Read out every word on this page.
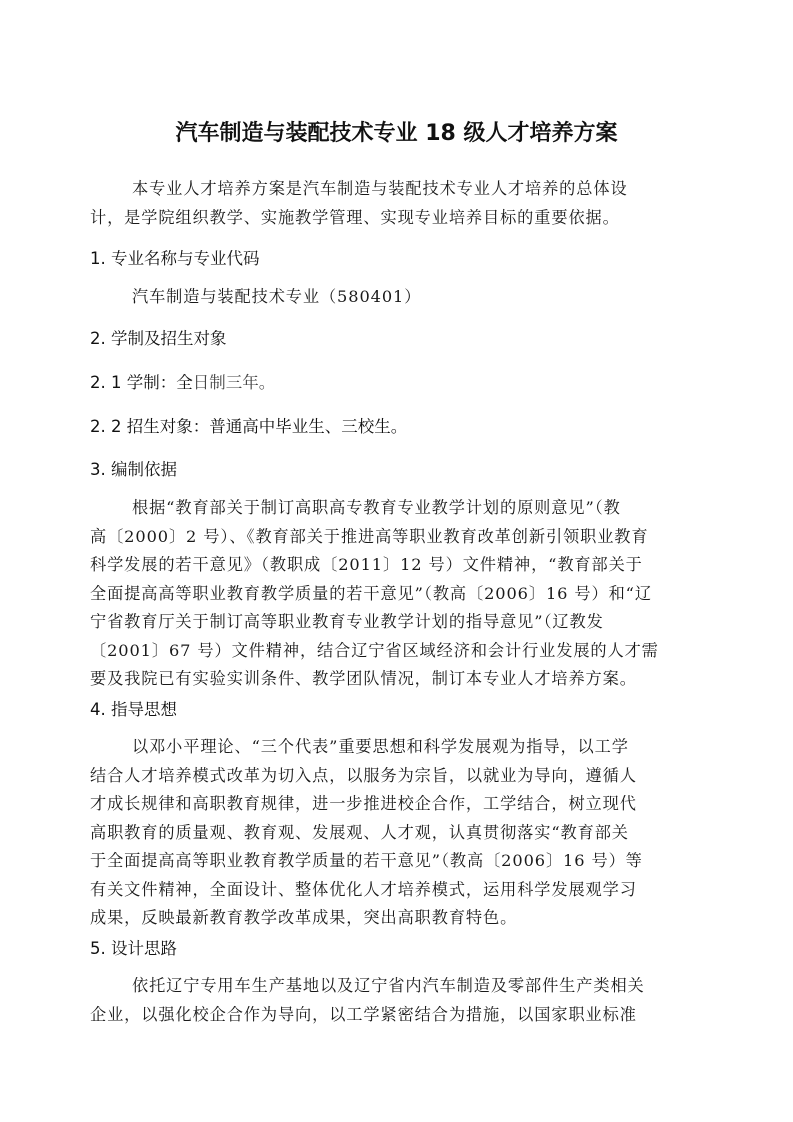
汽车制造与装配技术专业 18 级人才培养方案
本专业人才培养方案是汽车制造与装配技术专业人才培养的总体设
计，是学院组织教学、实施教学管理、实现专业培养目标的重要依据。
1. 专业名称与专业代码
汽车制造与装配技术专业（580401）
2. 学制及招生对象
2. 1 学制：全日制三年。
2. 2 招生对象：普通高中毕业生、三校生。
3. 编制依据
根据“教育部关于制订高职高专教育专业教学计划的原则意见”（教
高〔2000〕2 号）、《教育部关于推进高等职业教育改革创新引领职业教育
科学发展的若干意见》（教职成〔2011〕12 号）文件精神，“教育部关于
全面提高高等职业教育教学质量的若干意见”（教高〔2006〕16 号）和“辽
宁省教育厅关于制订高等职业教育专业教学计划的指导意见”（辽教发
〔2001〕67 号）文件精神，结合辽宁省区域经济和会计行业发展的人才需
要及我院已有实验实训条件、教学团队情况，制订本专业人才培养方案。
4. 指导思想
以邓小平理论、“三个代表”重要思想和科学发展观为指导，以工学
结合人才培养模式改革为切入点，以服务为宗旨，以就业为导向，遵循人
才成长规律和高职教育规律，进一步推进校企合作，工学结合，树立现代
高职教育的质量观、教育观、发展观、人才观，认真贯彻落实“教育部关
于全面提高高等职业教育教学质量的若干意见”（教高〔2006〕16 号）等
有关文件精神，全面设计、整体优化人才培养模式，运用科学发展观学习
成果，反映最新教育教学改革成果，突出高职教育特色。
5. 设计思路
依托辽宁专用车生产基地以及辽宁省内汽车制造及零部件生产类相关
企业，以强化校企合作为导向，以工学紧密结合为措施，以国家职业标准
